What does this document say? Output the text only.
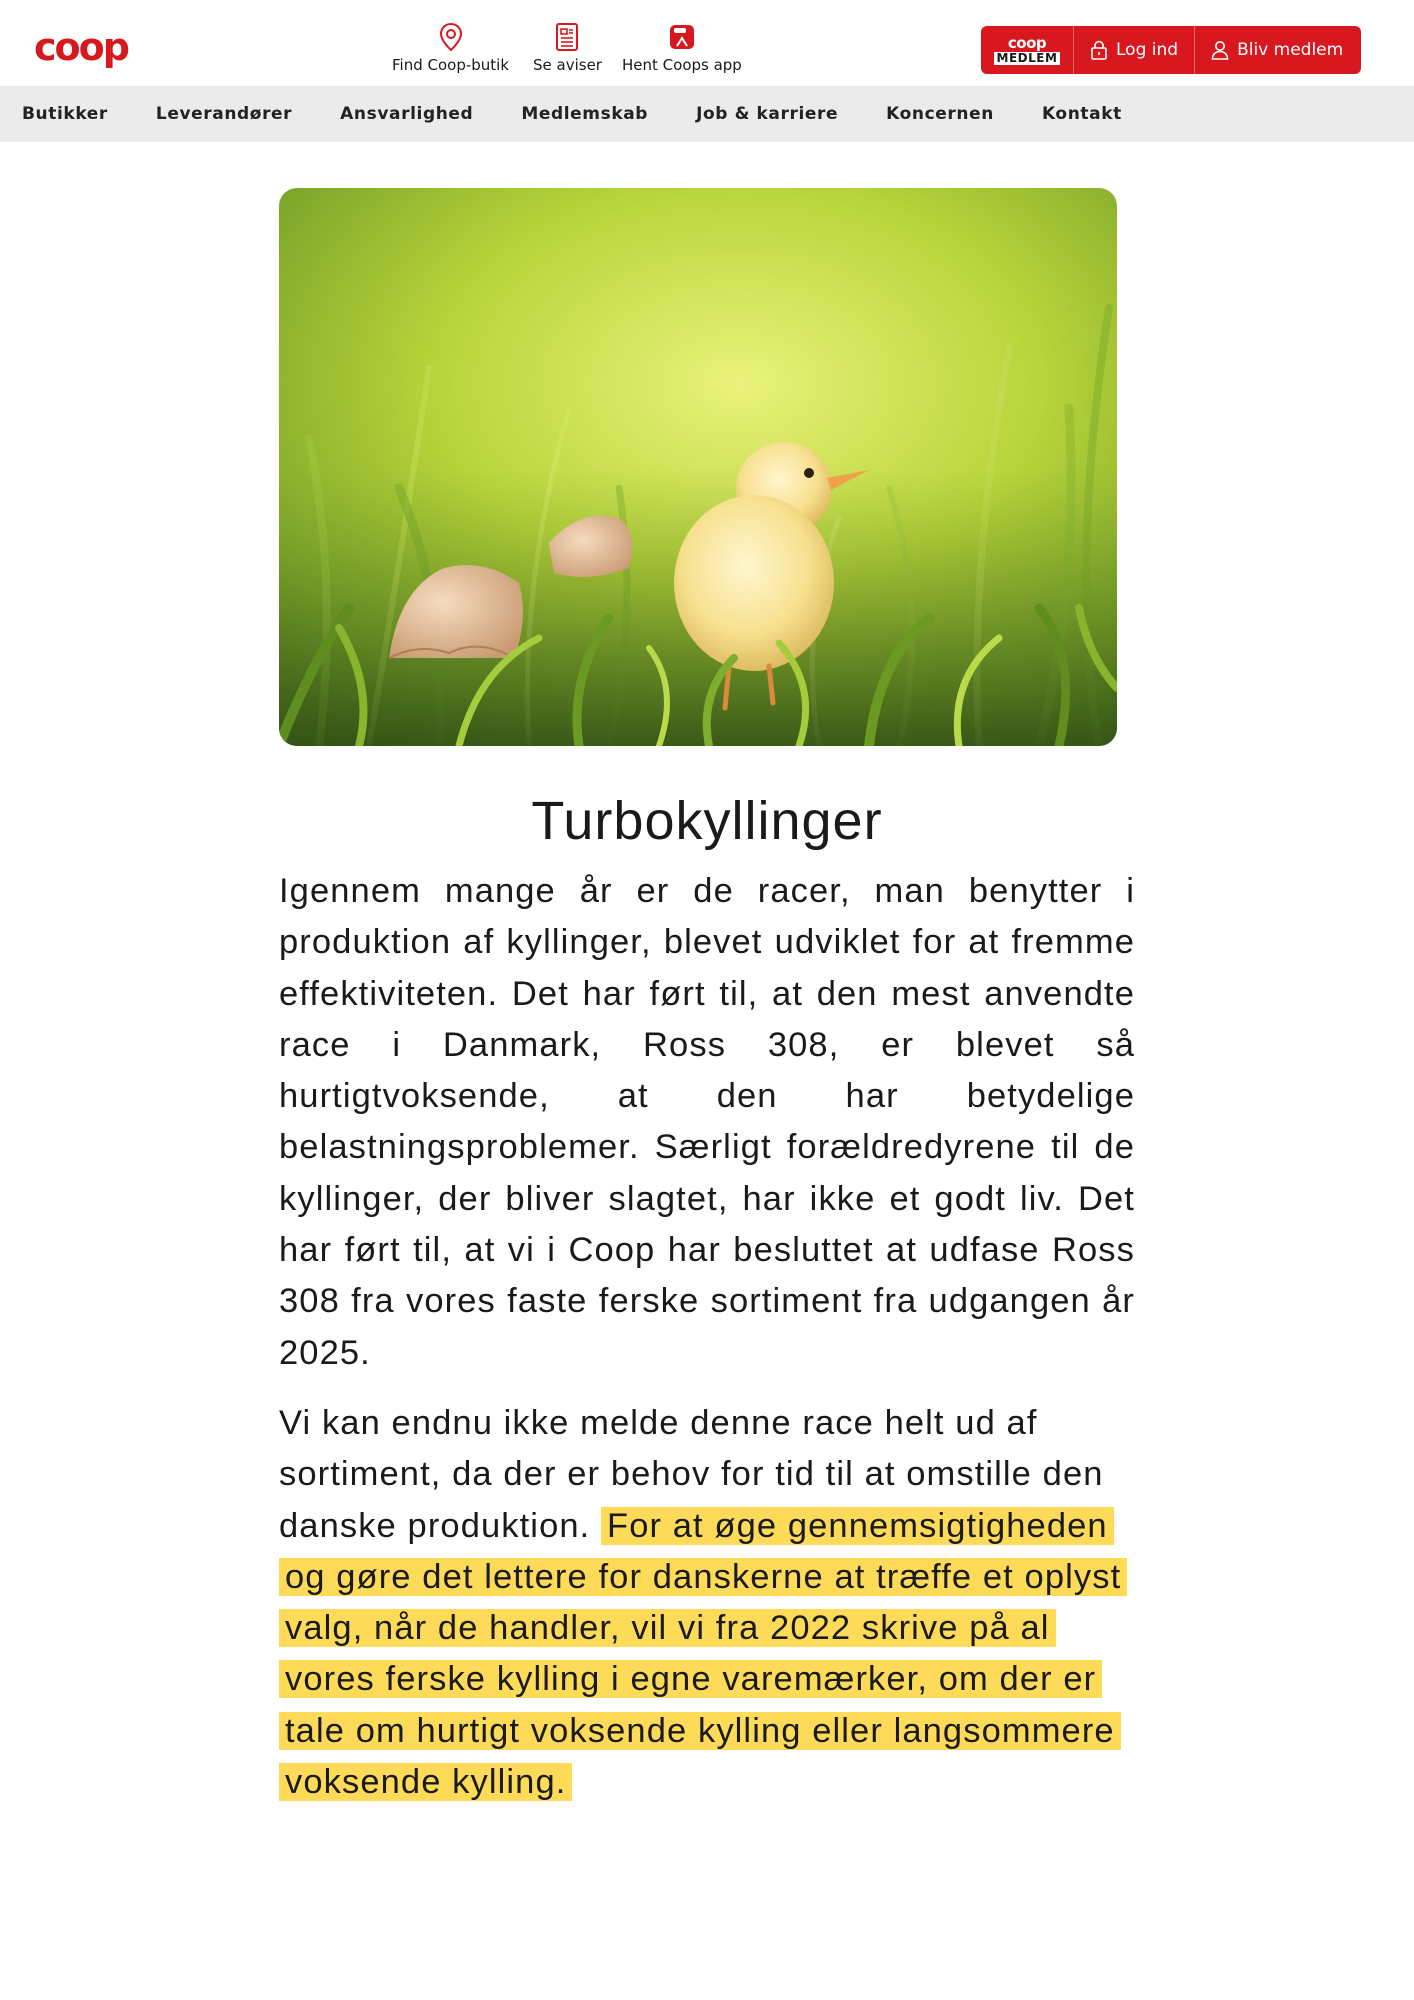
coop	Find Coop-butik Se aviser Hent Coops app
coop
MEDLEM	Log ind	Bliv medlem
Butikker	Leverandører	Ansvarlighed	Medlemskab	Job & karriere	Koncernen	Kontakt
Turbokyllinger

Igennem mange år er de racer, man benytter i produktion af kyllinger, blevet udviklet for at fremme effektiviteten. Det har ført til, at den mest anvendte race i Danmark, Ross 308, er blevet så hurtigtvoksende, at den har betydelige belastningsproblemer. Særligt forældredyrene til de kyllinger, der bliver slagtet, har ikke et godt liv. Det har ført til, at vi i Coop har besluttet at udfase Ross 308 fra vores faste ferske sortiment fra udgangen år 2025.

Vi kan endnu ikke melde denne race helt ud af sortiment, da der er behov for tid til at omstille den danske produktion. For at øge gennemsigtigheden og gøre det lettere for danskerne at træffe et oplyst valg, når de handler, vil vi fra 2022 skrive på al vores ferske kylling i egne varemærker, om der er tale om hurtigt voksende kylling eller langsommere voksende kylling.
